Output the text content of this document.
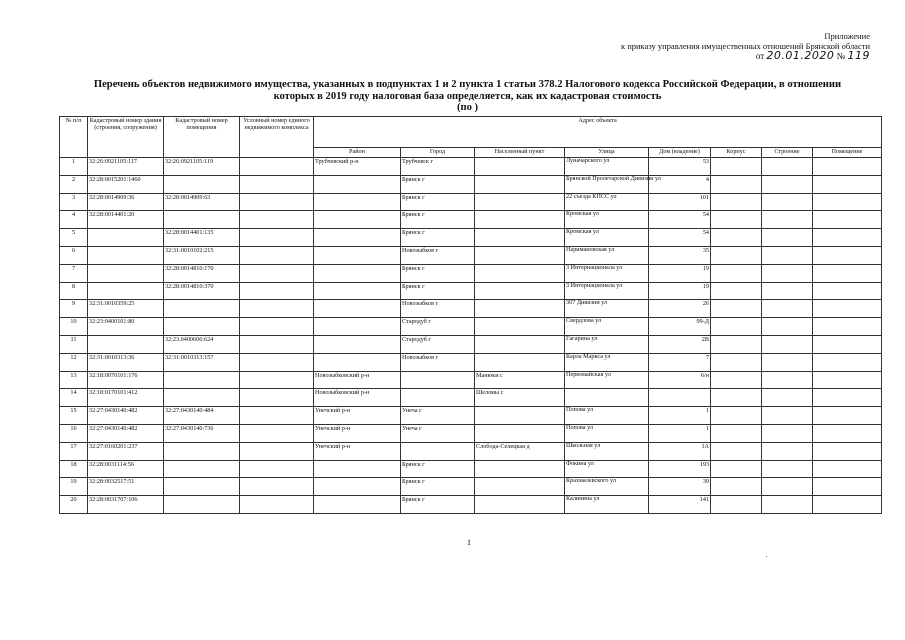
Приложение
к приказу управления имущественных отношений Брянской области
от 20.01.2020 № 119
Перечень объектов недвижимого имущества, указанных в подпунктах 1 и 2 пункта 1 статьи 378.2 Налогового кодекса Российской Федерации, в отношении
которых в 2019 году налоговая база определяется, как их кадастровая стоимость
(по )
№ п/п	Кадастровый номер здания (строения, сооружения)	Кадастровый номер помещения	Условный номер единого недвижимого комплекса	Адрес объекта							
				Район	Город	Населенный пункт	Улица	Дом (владение)	Корпус	Строение	Помещение
1	32:26:0921105:117	32:26:0921105:119		Трубчевский р-н	Трубчевск г		Луначарского ул	53			
2	32:28:0015201:1460				Брянск г		Брянской Пролетарской Дивизии ул	4			
3	32:28:0014909:36	32:28:0014909:63			Брянск г		22 съезда КПСС ул	101			
4	32:28:0014401:20				Брянск г		Кромская ул	54			
5		32:28:0014401:135			Брянск г		Кромская ул	54			
6		32:31:0010102:215			Новозыбков г		Наримановская ул	35			
7		32:28:0014810:170			Брянск г		3 Интернационала ул	19			
8		32:28:0014810:370			Брянск г		3 Интернационала ул	19			
9	32:31:0010359:25				Новозыбков г		307 Дивизии ул	26			
10	32:23:0400101:80				Стародуб г		Свердлова ул	99-Д			
11		32:23.0400606:624			Стародуб г		Гагарина ул	2В			
12	32:31:0010313:36	32:31:0010313:157			Новозыбков г		Карла Маркса ул	7			
13	32:18:0070101:176			Новозыбковский р-н		Манюки с	Первомайская ул	6/н			
14	32:18:0170101:412			Новозыбковский р-н		Шеломы с					
15	32:27:0430140:482	32:27:0430140:484		Унечский р-н	Унеча г		Попова ул	1			
16	32:27:0430140:482	32:27:0430140:736		Унечский р-н	Унеча г		Попова ул	1			
17	32:27:0160201:237			Унечский р-н		Слобода-Селецкая д	Школьная ул	1А			
18	32:28:0031114:56				Брянск г		Фокина ул	193			
19	32:28:0032517:51				Брянск г		Крахмалевского ул	39			
20	32:28:0031707:106				Брянск г		Калинина ул	141			
1
